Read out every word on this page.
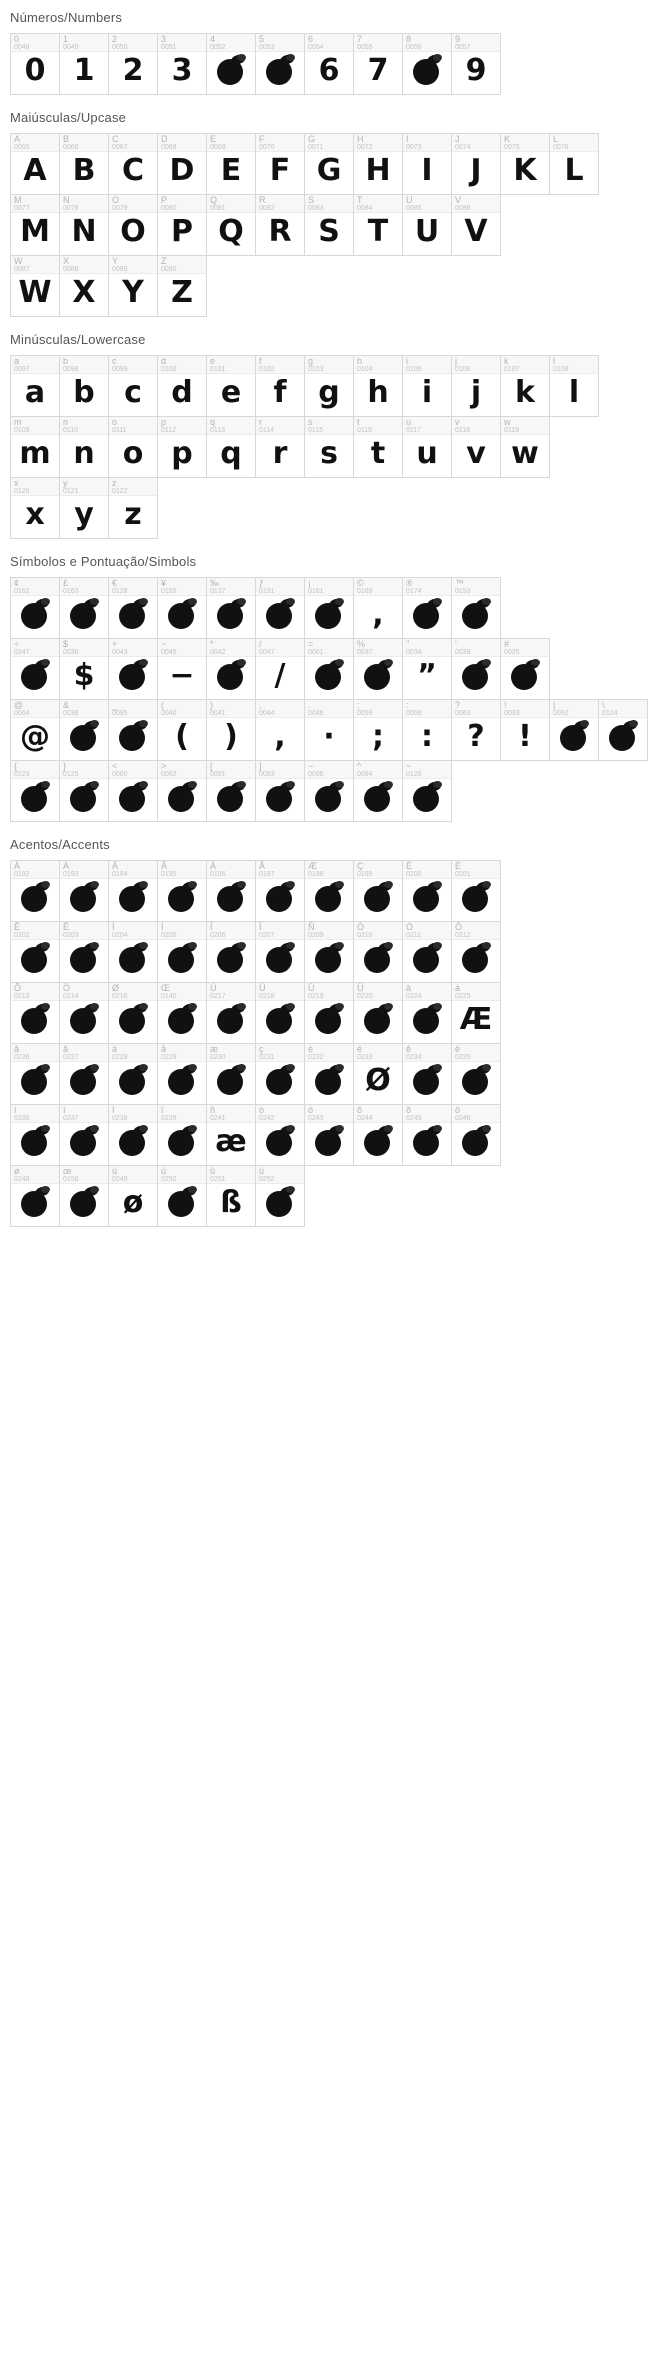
Números/Numbers
0
0048
0
1
0049
1
2
0050
2
3
0051
3
4
0052
5
0053
6
0054
6
7
0055
7
8
0056
9
0057
9
Maiúsculas/Upcase
A
0065
A
B
0066
B
C
0067
C
D
0068
D
E
0069
E
F
0070
F
G
0071
G
H
0072
H
I
0073
I
J
0074
J
K
0075
K
L
0076
L
M
0077
M
N
0078
N
O
0079
O
P
0080
P
Q
0081
Q
R
0082
R
S
0083
S
T
0084
T
U
0085
U
V
0086
V
W
0087
W
X
0088
X
Y
0089
Y
Z
0090
Z
Minúsculas/Lowercase
a
0097
a
b
0098
b
c
0099
c
d
0100
d
e
0101
e
f
0102
f
g
0103
g
h
0104
h
i
0105
i
j
0106
j
k
0107
k
l
0108
l
m
0109
m
n
0110
n
o
0111
o
p
0112
p
q
0113
q
r
0114
r
s
0115
s
t
0116
t
u
0117
u
v
0118
v
w
0119
w
x
0120
x
y
0121
y
z
0122
z
Símbolos e Pontuação/Simbols
¢
0162
£
0163
€
0128
¥
0165
‰
0137
ƒ
0191
¡
0161
©
0169
,
®
0174
™
0153
÷
0247
$
0036
$
+
0043
−
0045
−
*
0042
/
0047
/
=
0061
%
0037
"
0034
”
'
0039
#
0035
@
0064
@
&
0038
_
0095
(
0040
(
)
0041
)
,
0044
,
.
0046
·
;
0059
;
:
0058
:
?
0063
?
!
0033
!
|
0092
\
0124
{
0123
}
0125
<
0060
>
0062
[
0091
]
0093
~
0096
^
0094
~
0126
Acentos/Accents
À
0192
Á
0193
Â
0194
Ã
0195
Ä
0196
Å
0197
Æ
0198
Ç
0199
È
0200
É
0201
Ê
0202
Ë
0203
Ì
0204
Í
0205
Î
0206
Ï
0207
Ñ
0209
Ò
0210
Ó
0211
Ô
0212
Õ
0213
Ö
0214
Ø
0216
Œ
0140
Ù
0217
Ú
0218
Û
0219
Ü
0220
à
0224
á
0225
Æ
â
0226
ã
0227
ä
0228
å
0229
æ
0230
ç
0231
è
0232
é
0233
Ø
ê
0234
ë
0235
ì
0236
í
0237
î
0238
ï
0239
ñ
0241
æ
ò
0242
ó
0243
ô
0244
õ
0245
ö
0246
ø
0248
œ
0156
ù
0249
ø
ú
0250
û
0251
ß
ü
0252
